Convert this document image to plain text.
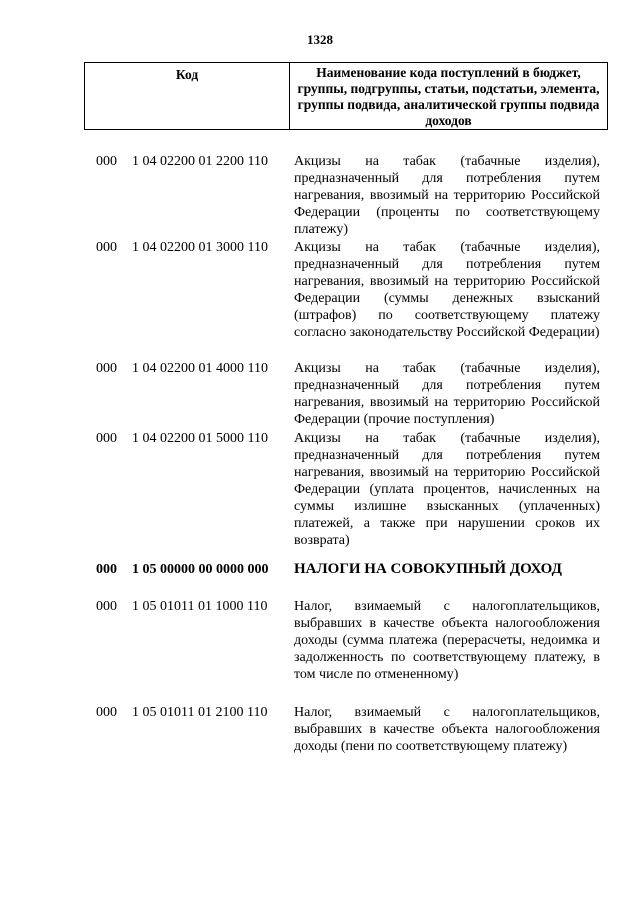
1328
Код	Наименование кода поступлений в бюджет, группы, подгруппы, статьи, подстатьи, элемента, группы подвида, аналитической группы подвида доходов
000 1 04 02200 01 2200 110 Акцизы на табак (табачные изделия), предназначенный для потребления путем нагревания, ввозимый на территорию Российской Федерации (проценты по соответствующему платежу)
000 1 04 02200 01 3000 110 Акцизы на табак (табачные изделия), предназначенный для потребления путем нагревания, ввозимый на территорию Российской Федерации (суммы денежных взысканий (штрафов) по соответствующему платежу согласно законодательству Российской Федерации)
000 1 04 02200 01 4000 110 Акцизы на табак (табачные изделия), предназначенный для потребления путем нагревания, ввозимый на территорию Российской Федерации (прочие поступления)
000 1 04 02200 01 5000 110 Акцизы на табак (табачные изделия), предназначенный для потребления путем нагревания, ввозимый на территорию Российской Федерации (уплата процентов, начисленных на суммы излишне взысканных (уплаченных) платежей, а также при нарушении сроков их возврата)
000 1 05 00000 00 0000 000 НАЛОГИ НА СОВОКУПНЫЙ ДОХОД
000 1 05 01011 01 1000 110 Налог, взимаемый с налогоплательщиков, выбравших в качестве объекта налогообложения доходы (сумма платежа (перерасчеты, недоимка и задолженность по соответствующему платежу, в том числе по отмененному)
000 1 05 01011 01 2100 110 Налог, взимаемый с налогоплательщиков, выбравших в качестве объекта налогообложения доходы (пени по соответствующему платежу)
